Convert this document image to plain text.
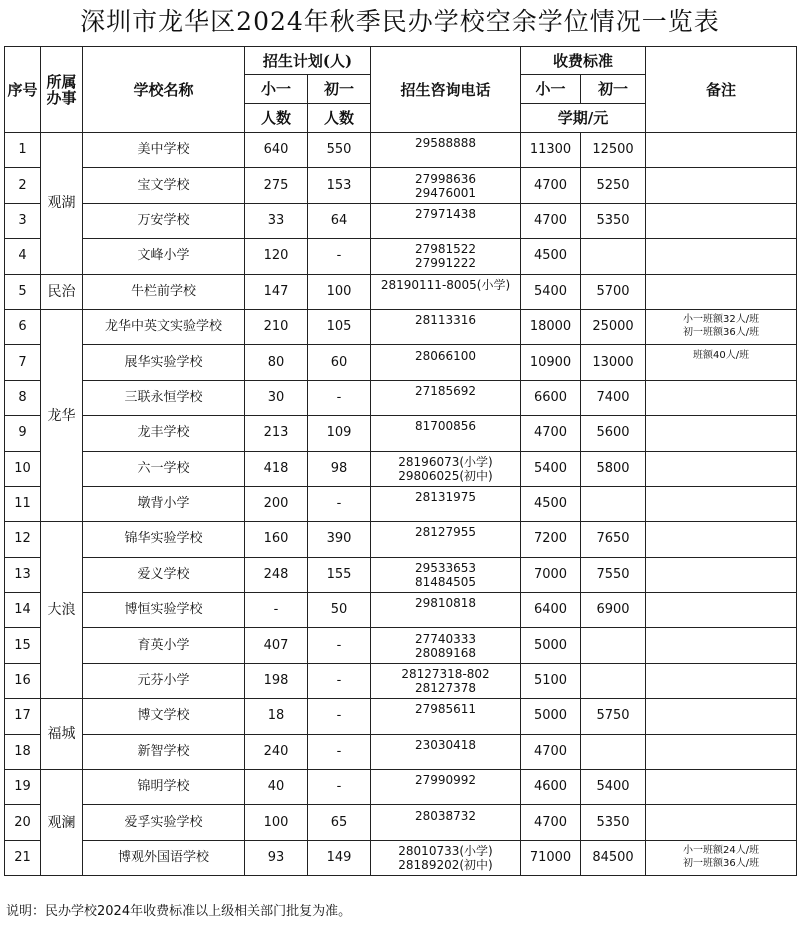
深圳市龙华区2024年秋季民办学校空余学位情况一览表
序号	所属办事	学校名称	招生计划(人)		招生咨询电话	收费标准		备注
			小一	初一		小一	初一	
			人数	人数		学期/元		
1	观湖	美中学校	640	550	29588888	11300	12500	

2		宝文学校	275	153	27998636
29476001	4700	5250	

3		万安学校	33	64	27971438	4700	5350	

4		文峰小学	120	-	27981522
27991222	4500		

5	民治	牛栏前学校	147	100	28190111-8005(小学)	5400	5700	

6	龙华	龙华中英文实验学校	210	105	28113316	18000	25000	小一班额32人/班
初一班额36人/班

7		展华实验学校	80	60	28066100	10900	13000	班额40人/班

8		三联永恒学校	30	-	27185692	6600	7400	

9		龙丰学校	213	109	81700856	4700	5600	

10		六一学校	418	98	28196073(小学)
29806025(初中)	5400	5800	

11		墩背小学	200	-	28131975	4500		

12	大浪	锦华实验学校	160	390	28127955	7200	7650	

13		爱义学校	248	155	29533653
81484505	7000	7550	

14		博恒实验学校	-	50	29810818	6400	6900	

15		育英小学	407	-	27740333
28089168	5000		

16		元芬小学	198	-	28127318-802
28127378	5100		

17	福城	博文学校	18	-	27985611	5000	5750	

18		新智学校	240	-	23030418	4700		

19	观澜	锦明学校	40	-	27990992	4600	5400	

20		爱孚实验学校	100	65	28038732	4700	5350	

21		博观外国语学校	93	149	28010733(小学)
28189202(初中)	71000	84500	小一班额24人/班
初一班额36人/班
说明：民办学校2024年收费标准以上级相关部门批复为准。
